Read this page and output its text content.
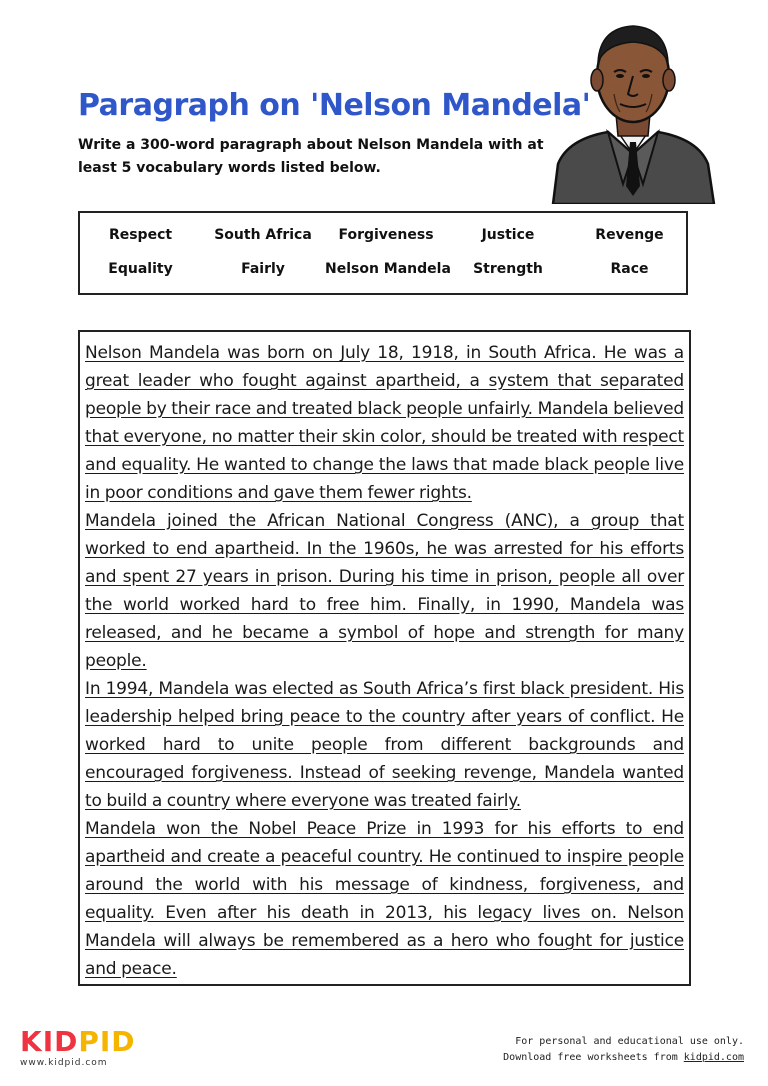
Paragraph on 'Nelson Mandela'

Write a 300-word paragraph about Nelson Mandela with at least 5 vocabulary words listed below.

Respect	South Africa	Forgiveness	Justice	Revenge
Equality	Fairly	Nelson Mandela	Strength	Race

Nelson Mandela was born on July 18, 1918, in South Africa. He was a great leader who fought against apartheid, a system that separated people by their race and treated black people unfairly. Mandela believed that everyone, no matter their skin color, should be treated with respect and equality. He wanted to change the laws that made black people live in poor conditions and gave them fewer rights.

Mandela joined the African National Congress (ANC), a group that worked to end apartheid. In the 1960s, he was arrested for his efforts and spent 27 years in prison. During his time in prison, people all over the world worked hard to free him. Finally, in 1990, Mandela was released, and he became a symbol of hope and strength for many people.

In 1994, Mandela was elected as South Africa’s first black president. His leadership helped bring peace to the country after years of conflict. He worked hard to unite people from different backgrounds and encouraged forgiveness. Instead of seeking revenge, Mandela wanted to build a country where everyone was treated fairly.

Mandela won the Nobel Peace Prize in 1993 for his efforts to end apartheid and create a peaceful country. He continued to inspire people around the world with his message of kindness, forgiveness, and equality. Even after his death in 2013, his legacy lives on. Nelson Mandela will always be remembered as a hero who fought for justice and peace.

KIDPID
www.kidpid.com
For personal and educational use only.
Download free worksheets from kidpid.com
